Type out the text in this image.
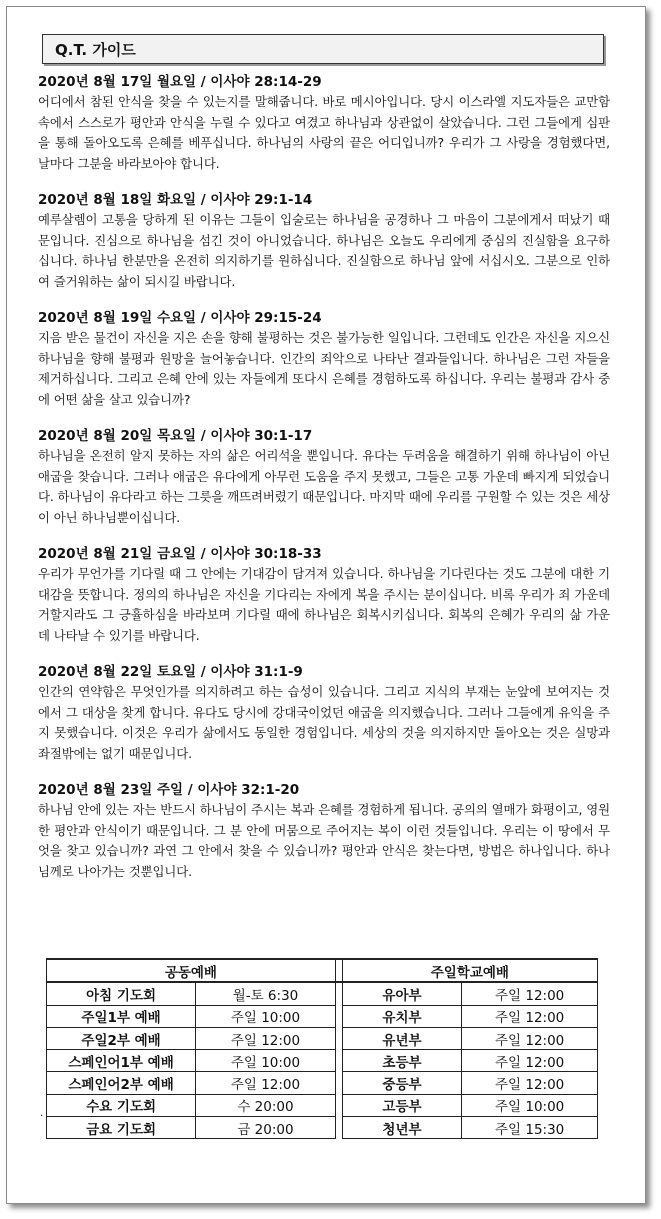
Q.T. 가이드
2020년 8월 17일 월요일 / 이사야 28:14-29
어디에서 참된 안식을 찾을 수 있는지를 말해줍니다. 바로 메시아입니다. 당시 이스라엘 지도자들은 교만함 속에서 스스로가 평안과 안식을 누릴 수 있다고 여겼고 하나님과 상관없이 살았습니다. 그런 그들에게 심판을 통해 돌아오도록 은혜를 베푸십니다. 하나님의 사랑의 끝은 어디입니까? 우리가 그 사랑을 경험했다면, 날마다 그분을 바라보아야 합니다.
2020년 8월 18일 화요일 / 이사야 29:1-14
예루살렘이 고통을 당하게 된 이유는 그들이 입술로는 하나님을 공경하나 그 마음이 그분에게서 떠났기 때문입니다. 진심으로 하나님을 섬긴 것이 아니었습니다. 하나님은 오늘도 우리에게 중심의 진실함을 요구하십니다. 하나님 한분만을 온전히 의지하기를 원하십니다. 진실함으로 하나님 앞에 서십시오. 그분으로 인하여 즐거워하는 삶이 되시길 바랍니다.
2020년 8월 19일 수요일 / 이사야 29:15-24
지음 받은 물건이 자신을 지은 손을 향해 불평하는 것은 불가능한 일입니다. 그런데도 인간은 자신을 지으신 하나님을 향해 불평과 원망을 늘어놓습니다. 인간의 죄악으로 나타난 결과들입니다. 하나님은 그런 자들을 제거하십니다. 그리고 은혜 안에 있는 자들에게 또다시 은혜를 경험하도록 하십니다. 우리는 불평과 감사 중에 어떤 삶을 살고 있습니까?
2020년 8월 20일 목요일 / 이사야 30:1-17
하나님을 온전히 알지 못하는 자의 삶은 어리석을 뿐입니다. 유다는 두려움을 해결하기 위해 하나님이 아닌 애굽을 찾습니다. 그러나 애굽은 유다에게 아무런 도움을 주지 못했고, 그들은 고통 가운데 빠지게 되었습니다. 하나님이 유다라고 하는 그릇을 깨뜨려버렸기 때문입니다. 마지막 때에 우리를 구원할 수 있는 것은 세상이 아닌 하나님뿐이십니다.
2020년 8월 21일 금요일 / 이사야 30:18-33
우리가 무언가를 기다릴 때 그 안에는 기대감이 담겨져 있습니다. 하나님을 기다린다는 것도 그분에 대한 기대감을 뜻합니다. 정의의 하나님은 자신을 기다리는 자에게 복을 주시는 분이십니다. 비록 우리가 죄 가운데 거할지라도 그 긍휼하심을 바라보며 기다릴 때에 하나님은 회복시키십니다. 회복의 은혜가 우리의 삶 가운데 나타날 수 있기를 바랍니다.
2020년 8월 22일 토요일 / 이사야 31:1-9
인간의 연약함은 무엇인가를 의지하려고 하는 습성이 있습니다. 그리고 지식의 부재는 눈앞에 보여지는 것에서 그 대상을 찾게 합니다. 유다도 당시에 강대국이었던 애굽을 의지했습니다. 그러나 그들에게 유익을 주지 못했습니다. 이것은 우리가 삶에서도 동일한 경험입니다. 세상의 것을 의지하지만 돌아오는 것은 실망과 좌절밖에는 없기 때문입니다.
2020년 8월 23일 주일 / 이사야 32:1-20
하나님 안에 있는 자는 반드시 하나님이 주시는 복과 은혜를 경험하게 됩니다. 공의의 열매가 화평이고, 영원한 평안과 안식이기 때문입니다. 그 분 안에 머뭄으로 주어지는 복이 이런 것들입니다. 우리는 이 땅에서 무엇을 찾고 있습니까? 과연 그 안에서 찾을 수 있습니까? 평안과 안식은 찾는다면, 방법은 하나입니다. 하나님께로 나아가는 것뿐입니다.
공동예배			주일학교예배	
아침 기도회	월-토 6:30		유아부	주일 12:00
주일1부 예배	주일 10:00		유치부	주일 12:00
주일2부 예배	주일 12:00		유년부	주일 12:00
스페인어1부 예배	주일 10:00		초등부	주일 12:00
스페인어2부 예배	주일 12:00		중등부	주일 12:00
수요 기도회	수 20:00		고등부	주일 10:00
금요 기도회	금 20:00		청년부	주일 15:30
.
